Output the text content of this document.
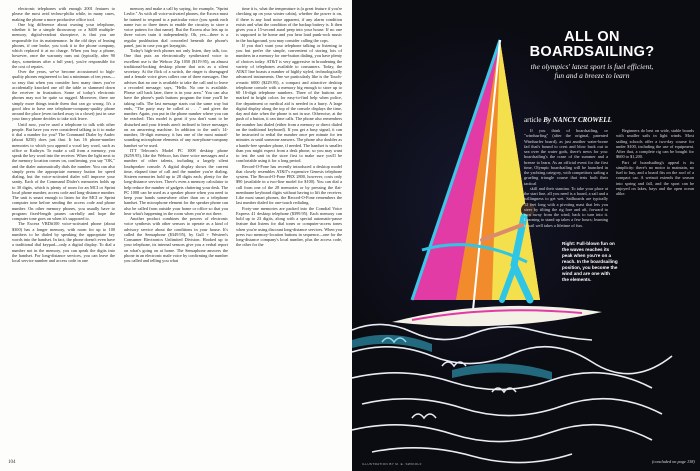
electronic telephones with enough 2001 features to please the most avid techno-philia while, in many cases, making the phone a more productive office tool.

One big difference about owning your telephone, whether it be a simple throwaway or a $400 multiple-memory, digital-readout showpiece, is that you are responsible for its maintenance. In the old days of leasing phones, if one broke, you took it to the phone company, which replaced it at no charge. When you buy a phone, however, once the warranty runs out (typically, after 90 days, sometimes after a full year), you're responsible for the cost of repairs.

Over the years, we've become accustomed to high-quality phones engineered to last a minimum of ten years—so easy that when you consider how many times you've accidentally knocked one off the table or slammed down the receiver in frustration. Some of today's electronic phones may not be quite so rugged. Moreover, there are simply more things inside them that can go wrong. It's a good idea to have one telephone-company-quality phone around the place (even tucked away in a closet) just in case your fancy phone decides to take sick leave.

Until now, you've used a telephone to talk with other people. But have you ever considered talking to it to make it dial a number for you? The Command Dialer by Audec (about $250) does just that. It has 16 phone-number memories to which you append a vocal key word, such as office or Kathryn. To make a call from a memory, you speak the key word into the receiver. When the light next to the memory location comes on, confirming, you say "OK," and the dialer automatically dials the number. You can also simply press the appropriate memory button for speed dialing, but the voice-activated dialer will improve your sanity. Each of the Command Dialer's memories holds up to 30 digits, which is plenty of room for an MCI or Sprint local phone number, access code and long-distance number. The unit is smart enough to listen for the MCI or Sprint computer tone before sending the access code and phone number. On other memory phones, you usually have to program fixed-length pauses carefully and hope the computer tone goes on when it's supposed to.

The Excera VRD#100 voice-activated phone (about $300) has a longer memory, with room for up to 100 numbers to be dialed by speaking the appropriate key words into the handset. In fact, the phone doesn't even have a traditional dial keypad—only a digital display. To dial a number not in the memory, you can speak the digits into the handset. For long-distance services, you can leave the local service number and access code in one

memory and make a call by saying, for example, "Sprint Leslie." As with all voice-activated phones, the Excera must be trained to respond to a particular voice (you speak each name two or three times to enable the circuitry to store a voice pattern for that name). But the Excera also lets up to three voices train it independently. Oh, yes—there is a regular pushbutton dial concealed beneath the phone's panel, just in case you get laryngitis.

Today's high-tech phones not only listen, they talk, too. One that puts an electronically synthesized voice to excellent use is the Webcor Zip 1050 ($119.95), an almost traditional-looking desktop phone that acts as a silent secretary. At the flick of a switch, the ringer is disengaged and a female voice gives callers one of three messages. One advises that no one is available to take the call and to leave a recorded message; says, "Hello. No one is available. Please call back later, there is in your area." You can also have the phone's push buttons program the time you'll be taking calls. The last message starts out the same way but ends, "The party may be called at . . ." and gives the number. Again, you put in the phone number where you can be reached. This model is great if you don't want to be disturbed and your friends aren't inclined to leave messages on an answering machine. In addition to the unit's 14-number, 16-digit memory, it has one of the most natural-sounding microphone elements of any non-phone-company handset we've used.

ITT Telecom's Model PC 1008 desktop phone ($259.95), like the Webcor, has three voice messages and a number of other talents, including a largely silent loudspeaker console. A digital display shows the current time, elapsed time of call and the number you're dialing. Sixteen memories hold up to 28 digits each, plenty for the long-distance services. There's even a memory calculator to help reduce the number of gadgets cluttering your desk. The PC 1008 can be used as a speaker phone when you need to keep your hands somewhere other than on a telephone handset. The microphone element for the speaker phone can also be called from outside your home or office so that you hear what's happening in the room when you're not there.

Another product combines the powers of electronic voice synthesis with other sensors to operate as a kind of advisory service about the conditions in your house. It's called the Sensaphone ($349.95), by Gull + Western's Consumer Electronics Unlimited Division. Hooked up to your telephone, its internal sensors give you a verbal report on what's going on at home. The Sensaphone answers the phone in an electronic male voice by confirming the number you called and telling you what

time it is, what the temperature is (a great feature if you're checking up on your winter cabin), whether the power is on, if there is any loud noise apparent, if any alarm condition exists and what the condition of the backup battery is. It then gives you a 15-second aural peep into your house. If no one is supposed to be home and you hear loud punk-rock music in the background, you may consider calling the cops.

If you don't want your telephone talking or listening to you but prefer the simple, convenient of storing lots of numbers in a memory for one-button dialing, you have plenty of choices today. AT&T is very aggressive in broadening the variety of telephones available to consumers. Today, the AT&T line boasts a number of highly styled, technologically advanced instruments. One we particularly like is the Touch-a-matic 6000 ($229.95), a compact and attractive desktop telephone console with a memory big enough to store up to 60 16-digit telephone numbers. Three of the buttons are marked in bright colors for easy-to-find help when police, fire department or medical aid is needed in a hurry. A large digital display along the top of the console displays the time, day and date when the phone is not in use. Otherwise, at the push of a button, it can time calls. The phone also remembers the number last dialed (either from a memory or direct dialed on the traditional keyboard). If you get a busy signal, it can be instructed to redial the number once per minute for ten minutes or until someone answers. The phone also doubles as a hands-free speaker phone, if needed. The handset is smaller than you might expect from a desk phone, so you may want to test the unit in the store first to make sure you'll be comfortable using it for a long period.

Record-O-Fone has recently introduced a desktop model that closely resembles AT&T's expensive Genesis telephone system. The Record-O-Fone PBX 2800, however, costs only $90 (available in a two-line model for $100). You can dial a call from one of the 28 memories or by pressing the flat-membrane keyboard digits without having to lift the receiver. Like most smart phones, the Record-O-Fone remembers the last number dialed for one-touch redialing.

Forty-one memories are packed into the Comdial Voice Express 41 desktop telephone ($399.95). Each memory can hold up to 23 digits, along with a special automatic-pause feature that listens for dial tones or computer-access tones when you're using discount long-distance services. When you press two memory-location buttons in sequence—one for the long-distance company's local number, plus the access code, the other for the

104
ALL ON BOARDSAILING?
the olympics' latest sport is fuel efficient, fun and a breeze to learn
article By NANCY CROWELL

If you think of boardsailing, or "windsurfing" (after the original, patented Windsurfer board), as just another water-borne fad that's bound to crest and blow back out to sea over the water gods, there's news for you: boardsailing's the craze of the summer and a breeze to learn. As an official event for the first time, Olympic boardsailing will be launched in the yachting category, with competitors sailing a grueling triangle course that tests both their tactical

skill and their stamina. To take your place at the start line, all you need is a board, a sail and a willingness to get wet. Sailboards are typically 12 feet long with a pivoting mast that lets you steer by tilting the rig fore and aft, forward to turn away from the wind, back to turn into it. Learning to stand up takes a few hours; learning to sail well takes a lifetime of fun.

Beginners do best on wide, stable boards with smaller sails in light winds. Most sailing schools offer a two-day course for under $100, including the use of equipment. After that, a complete rig can be bought for $600 to $1,200.

Part of boardsailing's appeal is its simplicity: there's no motor to maintain, no fuel to buy, and a board fits on the roof of a compact car. A wetsuit extends the season into spring and fall, and the sport can be enjoyed on lakes, bays and the open ocean alike.

Right: Full-blown fun on the waves reaches its peak when you're on a reach. In the boardsailing position, you become the wind and are one with the elements.
ILLUSTRATION BY M. E. SWIKOLF	(concluded on page 138)
